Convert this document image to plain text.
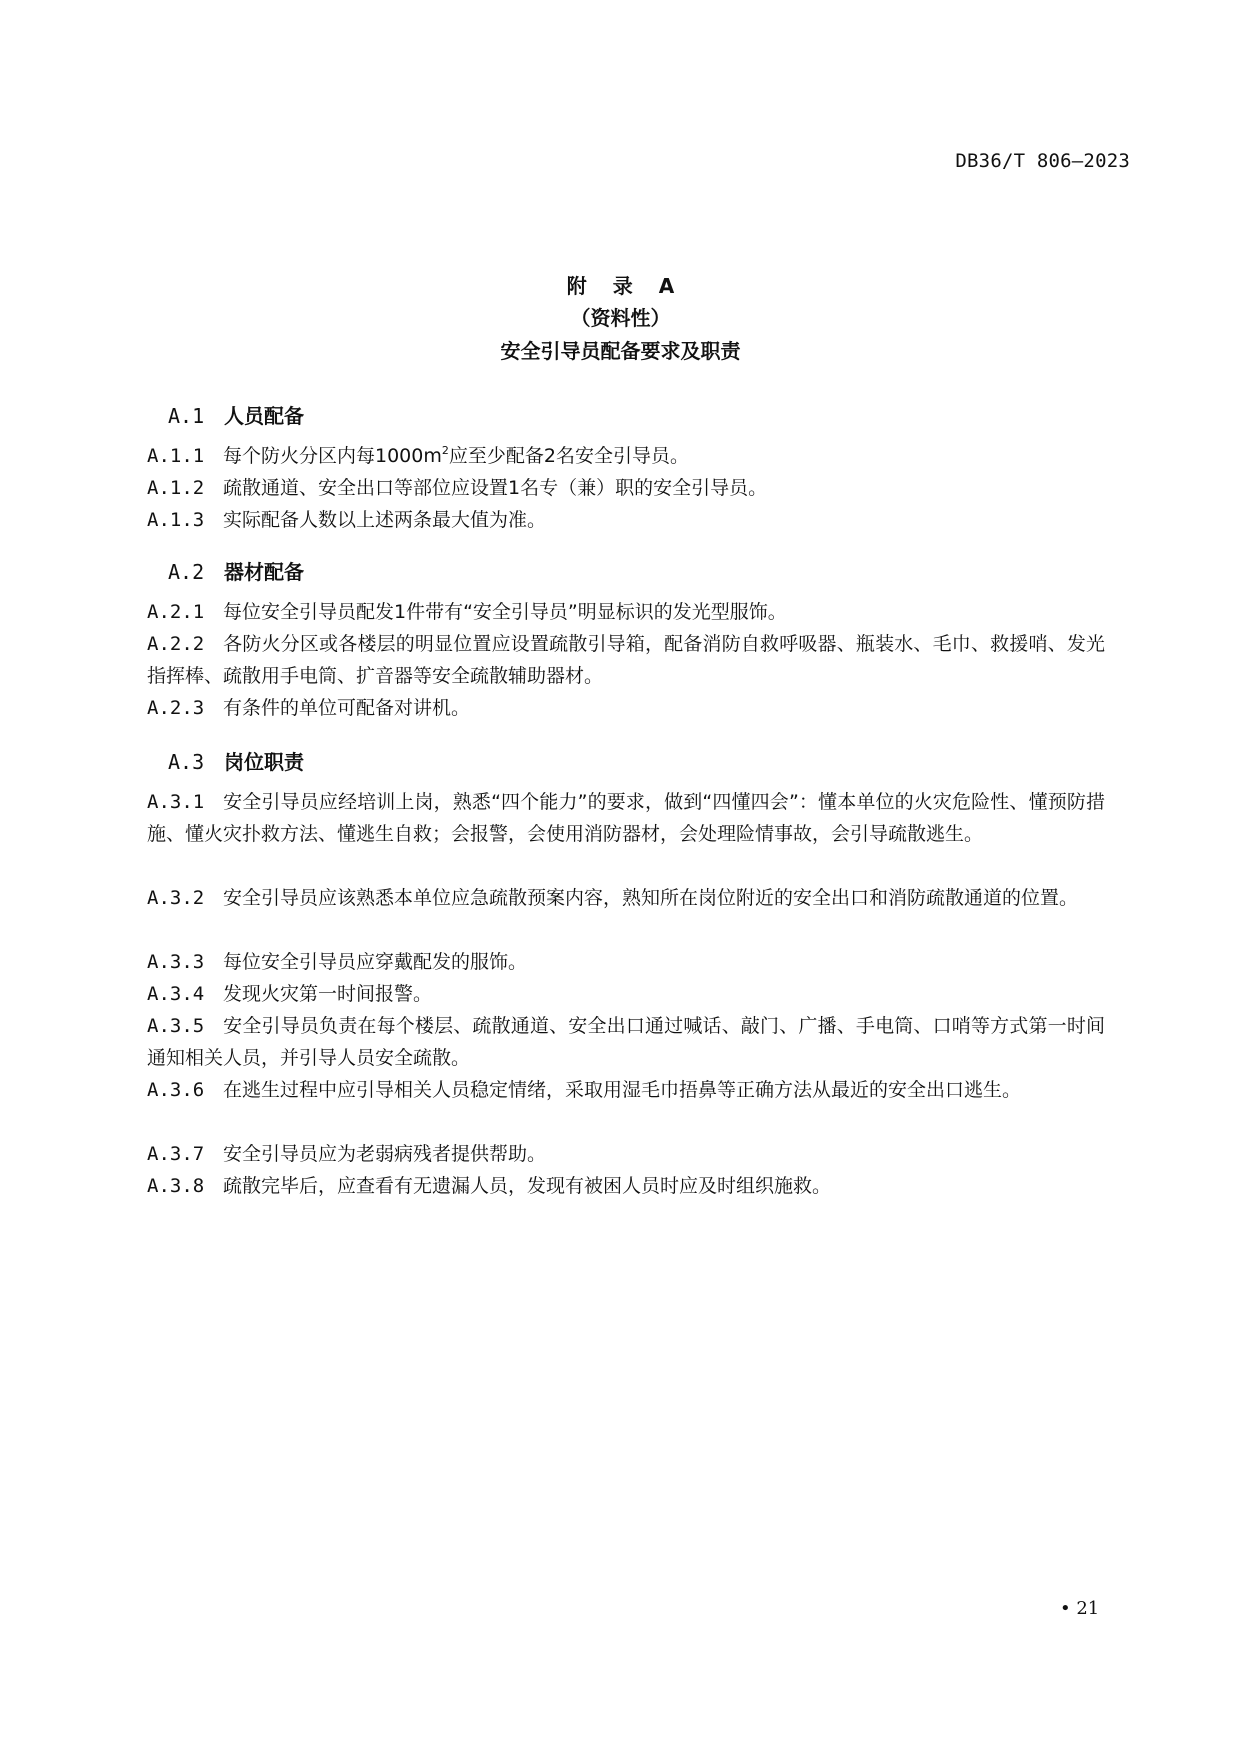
DB36/T 806—2023
附 录 A
（资料性）
安全引导员配备要求及职责
A.1 人员配备
A.1.1 每个防火分区内每$1000m^2$应至少配备2名安全引导员。
A.1.2 疏散通道、安全出口等部位应设置1名专（兼）职的安全引导员。
A.1.3 实际配备人数以上述两条最大值为准。
A.2 器材配备
A.2.1 每位安全引导员配发1件带有“安全引导员”明显标识的发光型服饰。
A.2.2 各防火分区或各楼层的明显位置应设置疏散引导箱，配备消防自救呼吸器、瓶装水、毛巾、救援哨、发光指挥棒、疏散用手电筒、扩音器等安全疏散辅助器材。
A.2.3 有条件的单位可配备对讲机。
A.3 岗位职责
A.3.1 安全引导员应经培训上岗，熟悉“四个能力”的要求，做到“四懂四会”：懂本单位的火灾危险性、懂预防措施、懂火灾扑救方法、懂逃生自救；会报警，会使用消防器材，会处理险情事故，会引导疏散逃生。
A.3.2 安全引导员应该熟悉本单位应急疏散预案内容，熟知所在岗位附近的安全出口和消防疏散通道的位置。
A.3.3 每位安全引导员应穿戴配发的服饰。
A.3.4 发现火灾第一时间报警。
A.3.5 安全引导员负责在每个楼层、疏散通道、安全出口通过喊话、敲门、广播、手电筒、口哨等方式第一时间通知相关人员，并引导人员安全疏散。
A.3.6 在逃生过程中应引导相关人员稳定情绪，采取用湿毛巾捂鼻等正确方法从最近的安全出口逃生。
A.3.7 安全引导员应为老弱病残者提供帮助。
A.3.8 疏散完毕后，应查看有无遗漏人员，发现有被困人员时应及时组织施救。
• 21
